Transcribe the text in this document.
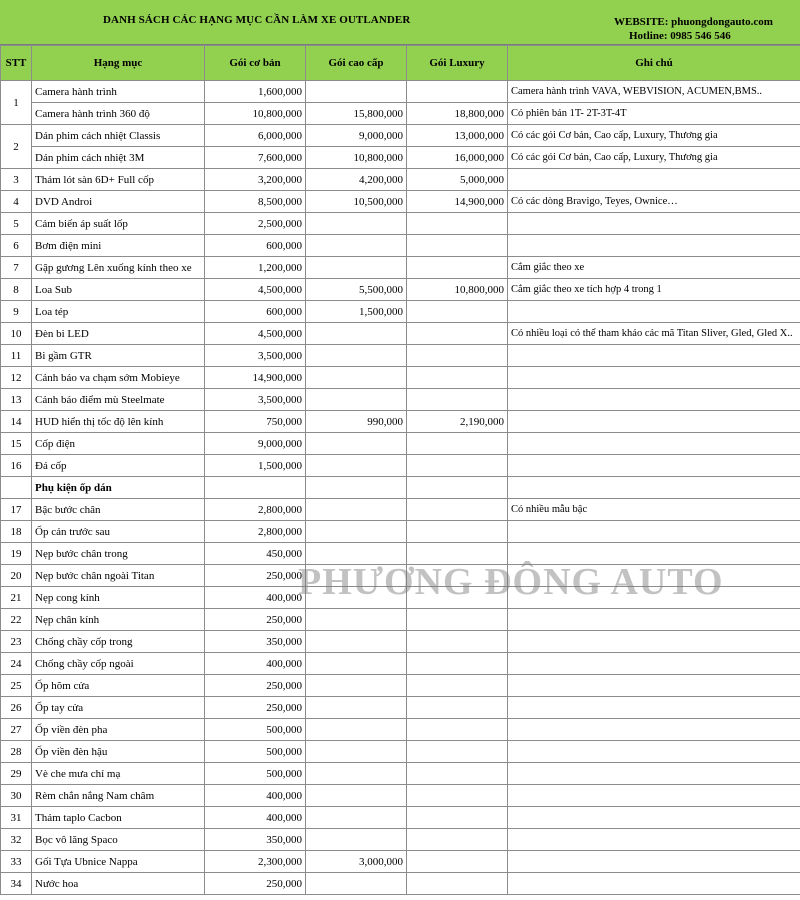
DANH SÁCH CÁC HẠNG MỤC CẦN LÀM XE OUTLANDER	WEBSITE: phuongdongauto.com
Hotline: 0985 546 546
STT	Hạng mục	Gói cơ bản	Gói cao cấp	Gói Luxury	Ghi chú
1	Camera hành trình	1,600,000			Camera hành trình VAVA, WEBVISION, ACUMEN,BMS..
	Camera hành trình 360 độ	10,800,000	15,800,000	18,800,000	Có phiên bản 1T- 2T-3T-4T
2	Dán phim cách nhiệt Classis	6,000,000	9,000,000	13,000,000	Có các gói Cơ bản, Cao cấp, Luxury, Thương gia
	Dán phim cách nhiệt 3M	7,600,000	10,800,000	16,000,000	Có các gói Cơ bản, Cao cấp, Luxury, Thương gia
3	Thảm lót sàn 6D+ Full cốp	3,200,000	4,200,000	5,000,000	
4	DVD Androi	8,500,000	10,500,000	14,900,000	Có các dòng Bravigo, Teyes, Ownice…
5	Cảm biến áp suất lốp	2,500,000			
6	Bơm điện mini	600,000			
7	Gập gương Lên xuống kính theo xe	1,200,000			Cắm giắc theo xe
8	Loa Sub	4,500,000	5,500,000	10,800,000	Cắm giắc theo xe tích hợp 4 trong 1
9	Loa tép	600,000	1,500,000		
10	Đèn bi LED	4,500,000			Có nhiều loại có thể tham khảo các mã Titan Sliver, Gled, Gled X..
11	Bi gầm GTR	3,500,000			
12	Cảnh báo va chạm sớm Mobieye	14,900,000			
13	Cảnh báo điểm mù Steelmate	3,500,000			
14	HUD hiển thị tốc độ lên kính	750,000	990,000	2,190,000	
15	Cốp điện	9,000,000			
16	Đá cốp	1,500,000			
	Phụ kiện ốp dán				
17	Bậc bước chân	2,800,000			Có nhiều mẫu bậc
18	Ốp cản trước sau	2,800,000			
19	Nẹp bước chân trong	450,000			
20	Nẹp bước chân ngoài Titan	250,000			
21	Nẹp cong kính	400,000			
22	Nẹp chân kính	250,000			
23	Chống chầy cốp trong	350,000			
24	Chống chầy cốp ngoài	400,000			
25	Ốp hõm cửa	250,000			
26	Ốp tay cửa	250,000			
27	Ốp viền đèn pha	500,000			
28	Ốp viền đèn hậu	500,000			
29	Vè che mưa chỉ mạ	500,000			
30	Rèm chắn nắng Nam châm	400,000			
31	Thảm taplo Cacbon	400,000			
32	Bọc vô lăng Spaco	350,000			
33	Gối Tựa Ubnice Nappa	2,300,000	3,000,000		
34	Nước hoa	250,000			
PHƯƠNG ĐÔNG AUTO
